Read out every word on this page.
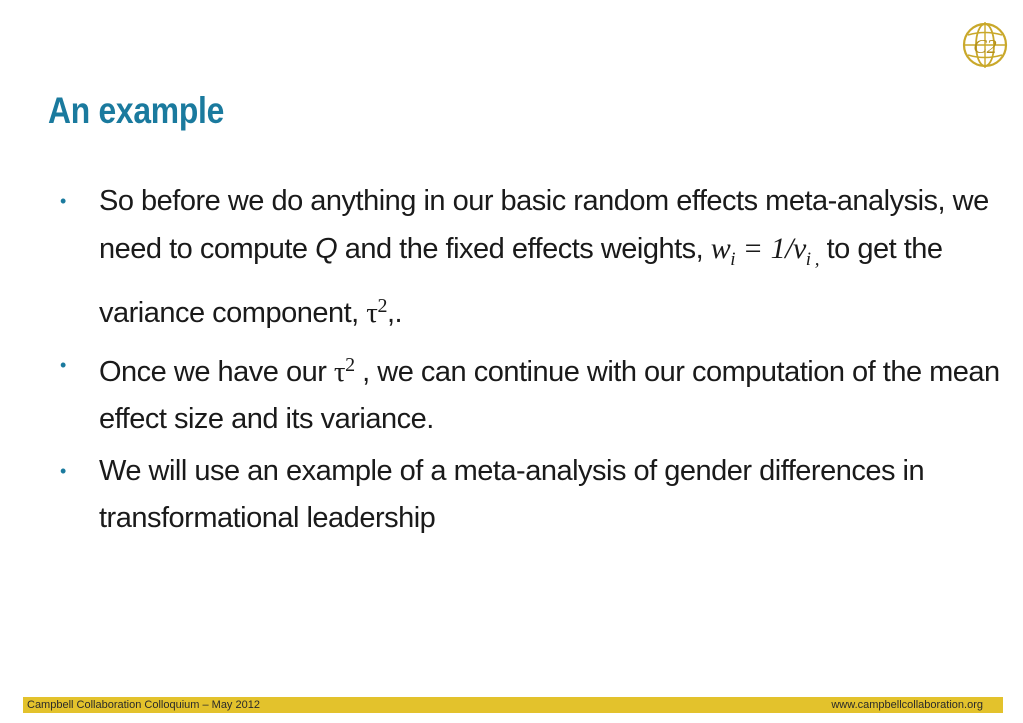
C2
An example
• So before we do anything in our basic random effects meta-analysis, we need to compute Q and the fixed effects weights, $w_i = 1/v_{i ,}$ to get the variance component, $\tau^2$,.
• Once we have our $\tau^2$ , we can continue with our computation of the mean effect size and its variance.
• We will use an example of a meta-analysis of gender differences in transformational leadership
Campbell Collaboration Colloquium – May 2012	www.campbellcollaboration.org
